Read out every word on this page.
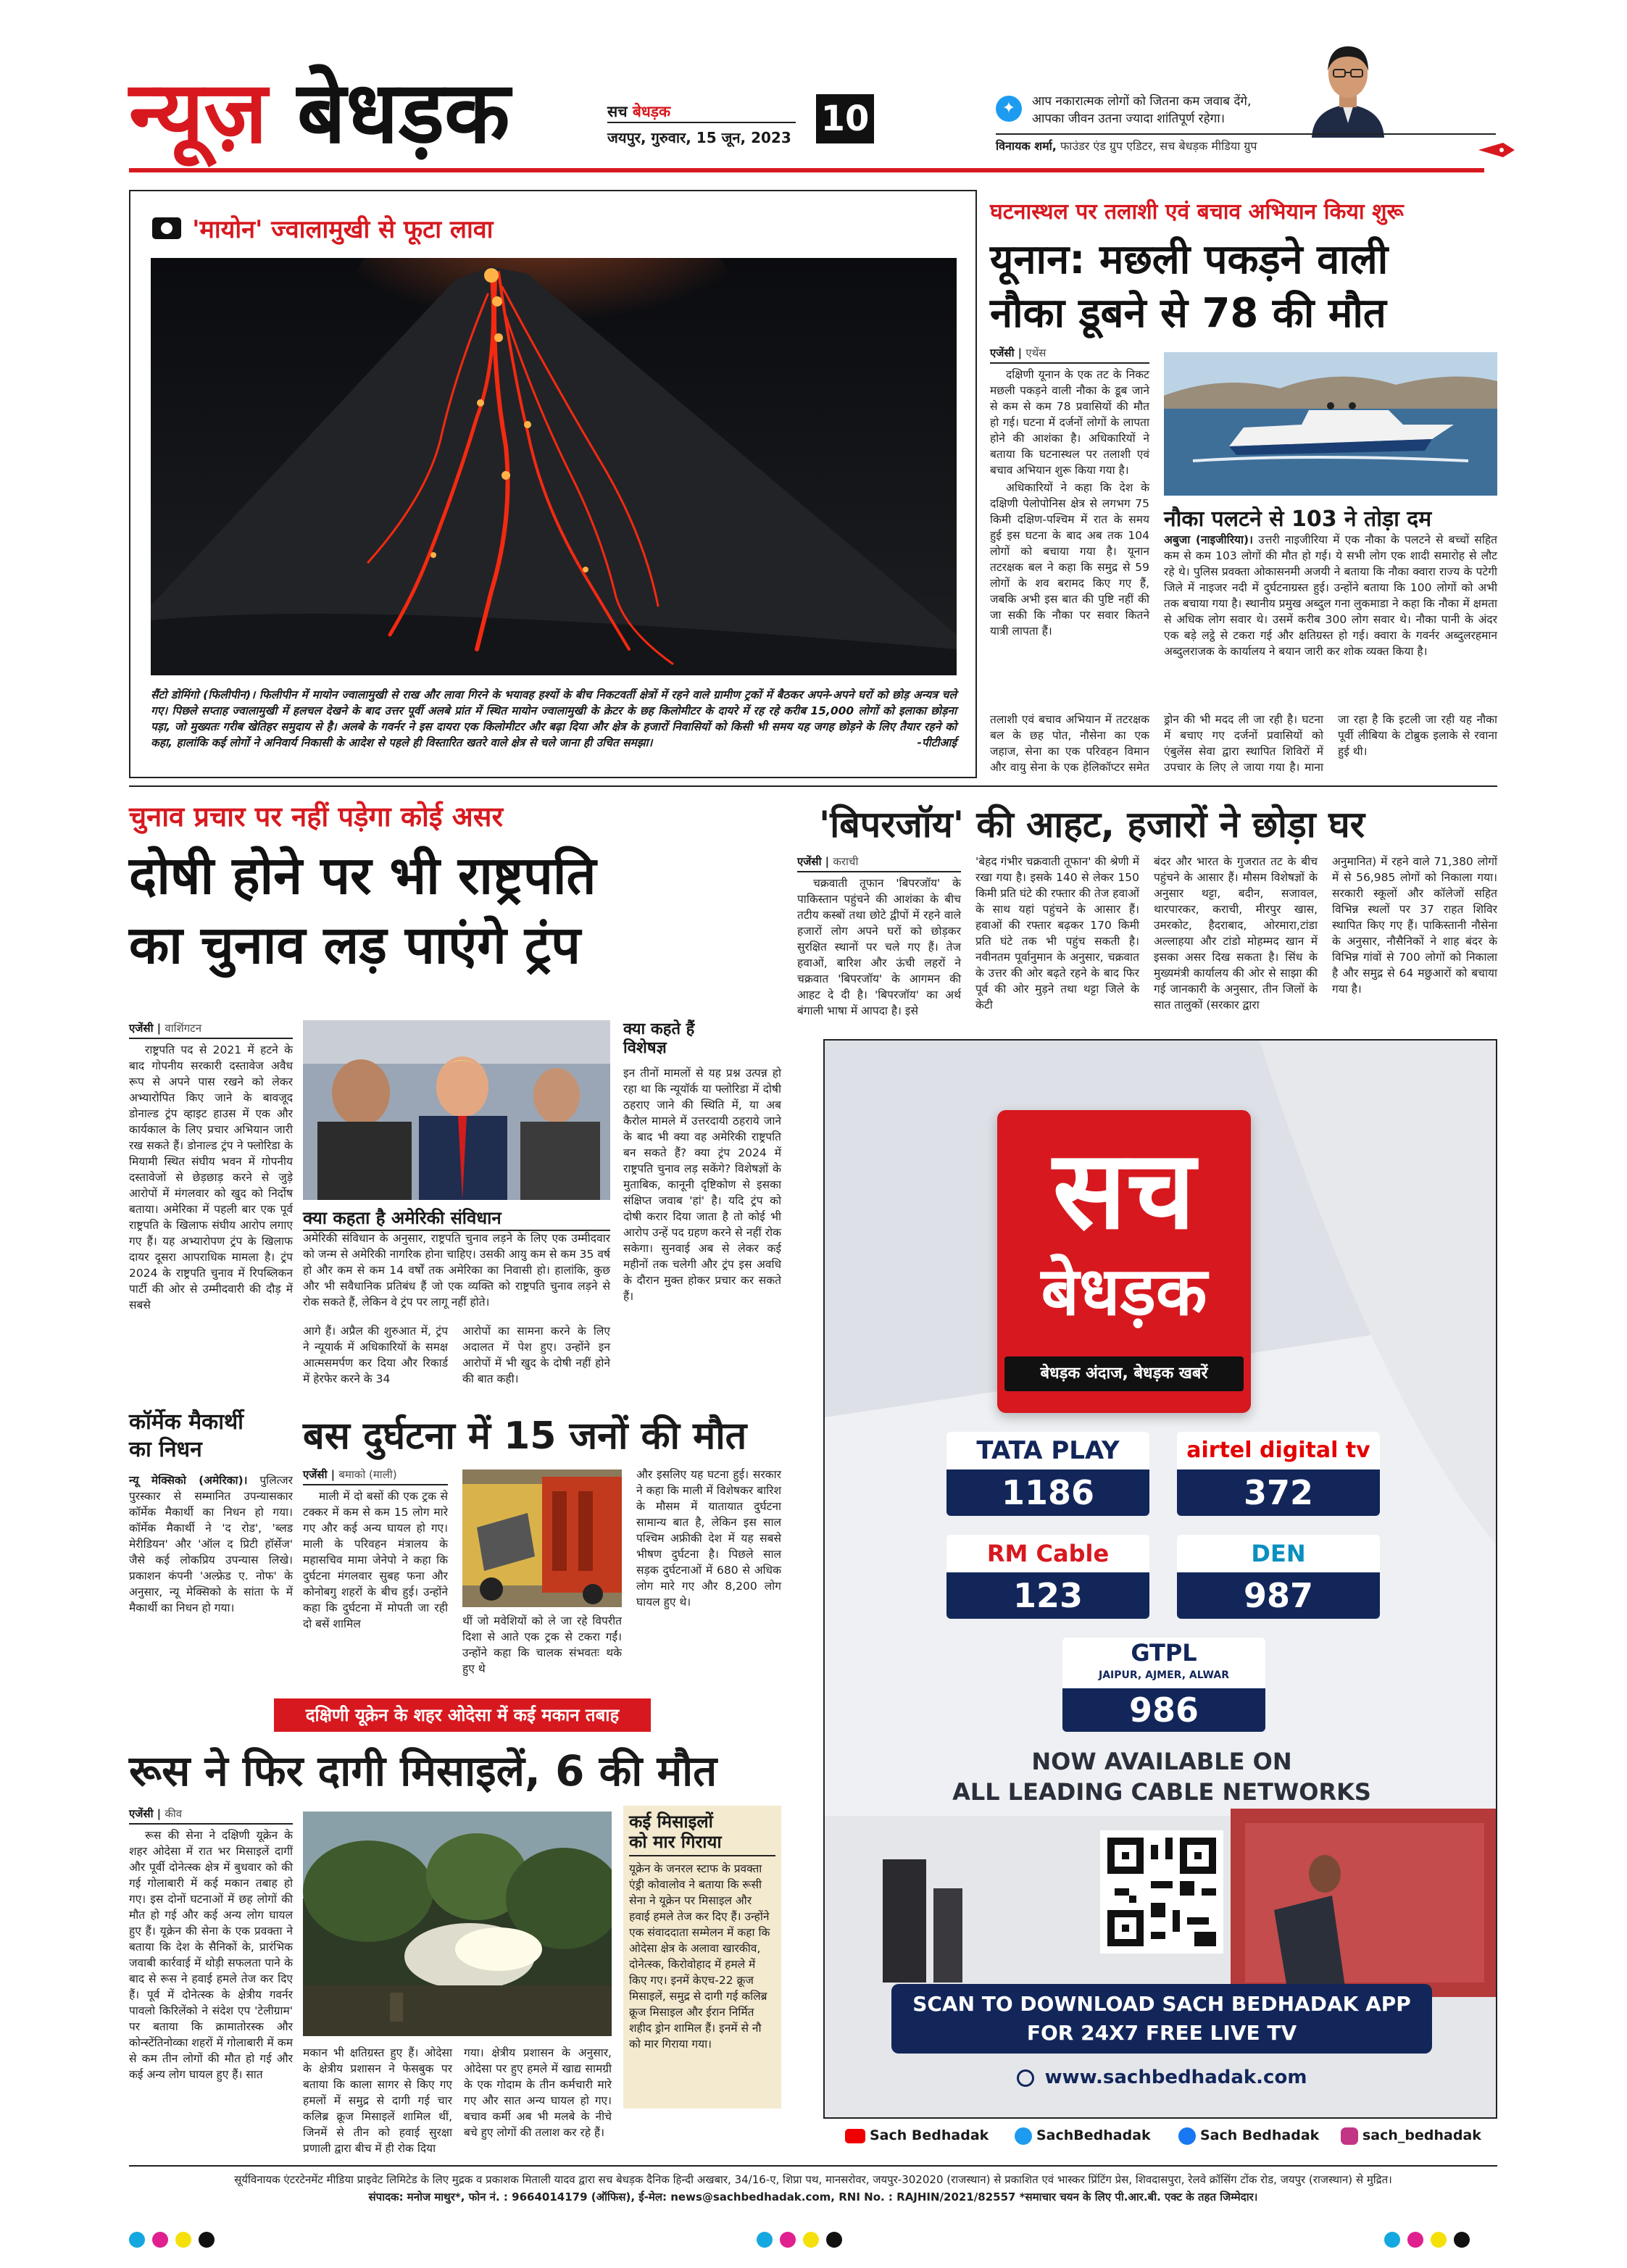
न्यूज़ बेधड़क	सच बेधड़क
जयपुर, गुरुवार, 15 जून, 2023 10	✦	आप नकारात्मक लोगों को जितना कम जवाब देंगे,
आपका जीवन उतना ज्यादा शांतिपूर्ण रहेगा।
विनायक शर्मा, फाउंडर एंड ग्रुप एडिटर, सच बेधड़क मीडिया ग्रुप
'मायोन' ज्वालामुखी से फूटा लावा
सैंटो डोमिंगो (फिलीपीन)। फिलीपीन में मायोन ज्वालामुखी से राख और लावा गिरने के भयावह हश्यों के बीच निकटवर्ती क्षेत्रों में रहने वाले ग्रामीण ट्रकों में बैठकर अपने-अपने घरों को छोड़ अन्यत्र चले गए। पिछले सप्ताह ज्वालामुखी में हलचल देखने के बाद उत्तर पूर्वी अलबे प्रांत में स्थित मायोन ज्वालामुखी के क्रेटर के छह किलोमीटर के दायरे में रह रहे करीब 15,000 लोगों को इलाका छोड़ना पड़ा, जो मुख्यतः गरीब खेतिहर समुदाय से है। अलबे के गवर्नर ने इस दायरा एक किलोमीटर और बढ़ा दिया और क्षेत्र के हजारों निवासियों को किसी भी समय यह जगह छोड़ने के लिए तैयार रहने को कहा, हालांकि कई लोगों ने अनिवार्य निकासी के आदेश से पहले ही विस्तारित खतरे वाले क्षेत्र से चले जाना ही उचित समझा।	-पीटीआई
घटनास्थल पर तलाशी एवं बचाव अभियान किया शुरू
यूनान: मछली पकड़ने वाली
नौका डूबने से 78 की मौत
एजेंसी | एथेंस

दक्षिणी यूनान के एक तट के निकट मछली पकड़ने वाली नौका के डूब जाने से कम से कम 78 प्रवासियों की मौत हो गई। घटना में दर्जनों लोगों के लापता होने की आशंका है। अधिकारियों ने बताया कि घटनास्थल पर तलाशी एवं बचाव अभियान शुरू किया गया है।

अधिकारियों ने कहा कि देश के दक्षिणी पेलोपोनिस क्षेत्र से लगभग 75 किमी दक्षिण-पश्चिम में रात के समय हुई इस घटना के बाद अब तक 104 लोगों को बचाया गया है। यूनान तटरक्षक बल ने कहा कि समुद्र से 59 लोगों के शव बरामद किए गए हैं, जबकि अभी इस बात की पुष्टि नहीं की जा सकी कि नौका पर सवार कितने यात्री लापता हैं।

नौका पलटने से 103 ने तोड़ा दम

अबुजा (नाइजीरिया)। उत्तरी नाइजीरिया में एक नौका के पलटने से बच्चों सहित कम से कम 103 लोगों की मौत हो गई। ये सभी लोग एक शादी समारोह से लौट रहे थे। पुलिस प्रवक्ता ओकासनमी अजयी ने बताया कि नौका क्वारा राज्य के पटेगी जिले में नाइजर नदी में दुर्घटनाग्रस्त हुई। उन्होंने बताया कि 100 लोगों को अभी तक बचाया गया है। स्थानीय प्रमुख अब्दुल गना लुकमाडा ने कहा कि नौका में क्षमता से अधिक लोग सवार थे। उसमें करीब 300 लोग सवार थे। नौका पानी के अंदर एक बड़े लट्ठे से टकरा गई और क्षतिग्रस्त हो गई। क्वारा के गवर्नर अब्दुलरहमान अब्दुलराजक के कार्यालय ने बयान जारी कर शोक व्यक्त किया है।

तलाशी एवं बचाव अभियान में तटरक्षक बल के छह पोत, नौसेना का एक जहाज, सेना का एक परिवहन विमान और वायु सेना के एक हेलिकॉप्टर समेत ड्रोन की भी मदद ली जा रही है। घटना में बचाए गए दर्जनों प्रवासियों को एंबुलेंस सेवा द्वारा स्थापित शिविरों में उपचार के लिए ले जाया गया है। माना जा रहा है कि इटली जा रही यह नौका पूर्वी लीबिया के टोब्रुक इलाके से रवाना हुई थी।

चुनाव प्रचार पर नहीं पड़ेगा कोई असर
दोषी होने पर भी राष्ट्रपति
का चुनाव लड़ पाएंगे ट्रंप
एजेंसी | वाशिंगटन

राष्ट्रपति पद से 2021 में हटने के बाद गोपनीय सरकारी दस्तावेज अवैध रूप से अपने पास रखने को लेकर अभ्यारोपित किए जाने के बावजूद डोनाल्ड ट्रंप व्हाइट हाउस में एक और कार्यकाल के लिए प्रचार अभियान जारी रख सकते हैं। डोनाल्ड ट्रंप ने फ्लोरिडा के मियामी स्थित संघीय भवन में गोपनीय दस्तावेजों से छेड़छाड़ करने से जुड़े आरोपों में मंगलवार को खुद को निर्दोष बताया। अमेरिका में पहली बार एक पूर्व राष्ट्रपति के खिलाफ संघीय आरोप लगाए गए हैं। यह अभ्यारोपण ट्रंप के खिलाफ दायर दूसरा आपराधिक मामला है। ट्रंप 2024 के राष्ट्रपति चुनाव में रिपब्लिकन पार्टी की ओर से उम्मीदवारी की दौड़ में सबसे

क्या कहता है अमेरिकी संविधान
अमेरिकी संविधान के अनुसार, राष्ट्रपति चुनाव लड़ने के लिए एक उम्मीदवार को जन्म से अमेरिकी नागरिक होना चाहिए। उसकी आयु कम से कम 35 वर्ष हो और कम से कम 14 वर्षों तक अमेरिका का निवासी हो। हालांकि, कुछ और भी सवैधानिक प्रतिबंध हैं जो एक व्यक्ति को राष्ट्रपति चुनाव लड़ने से रोक सकते हैं, लेकिन वे ट्रंप पर लागू नहीं होते।
आगे हैं। अप्रैल की शुरुआत में, ट्रंप ने न्यूयार्क में अधिकारियों के समक्ष आत्मसमर्पण कर दिया और रिकार्ड में हेरफेर करने के 34
आरोपों का सामना करने के लिए अदालत में पेश हुए। उन्होंने इन आरोपों में भी खुद के दोषी नहीं होने की बात कही।
क्या कहते हैं
विशेषज्ञ
इन तीनों मामलों से यह प्रश्न उत्पन्न हो रहा था कि न्यूयॉर्क या फ्लोरिडा में दोषी ठहराए जाने की स्थिति में, या अब कैरोल मामले में उत्तरदायी ठहराये जाने के बाद भी क्या वह अमेरिकी राष्ट्रपति बन सकते हैं? क्या ट्रंप 2024 में राष्ट्रपति चुनाव लड़ सकेंगे? विशेषज्ञों के मुताबिक, कानूनी दृष्टिकोण से इसका संक्षिप्त जवाब 'हां' है। यदि ट्रंप को दोषी करार दिया जाता है तो कोई भी आरोप उन्हें पद ग्रहण करने से नहीं रोक सकेगा। सुनवाई अब से लेकर कई महीनों तक चलेगी और ट्रंप इस अवधि के दौरान मुक्त होकर प्रचार कर सकते हैं।
'बिपरजॉय' की आहट, हजारों ने छोड़ा घर
एजेंसी | कराची

चक्रवाती तूफान 'बिपरजॉय' के पाकिस्तान पहुंचने की आशंका के बीच तटीय कस्बों तथा छोटे द्वीपों में रहने वाले हजारों लोग अपने घरों को छोड़कर सुरक्षित स्थानों पर चले गए हैं। तेज हवाओं, बारिश और ऊंची लहरों ने चक्रवात 'बिपरजॉय' के आगमन की आहट दे दी है। 'बिपरजॉय' का अर्थ बंगाली भाषा में आपदा है। इसे

'बेहद गंभीर चक्रवाती तूफान' की श्रेणी में रखा गया है। इसके 140 से लेकर 150 किमी प्रति घंटे की रफ्तार की तेज हवाओं के साथ यहां पहुंचने के आसार हैं। हवाओं की रफ्तार बढ़कर 170 किमी प्रति घंटे तक भी पहुंच सकती है। नवीनतम पूर्वानुमान के अनुसार, चक्रवात के उत्तर की ओर बढ़ते रहने के बाद फिर पूर्व की ओर मुड़ने तथा थट्टा जिले के केटी
बंदर और भारत के गुजरात तट के बीच पहुंचने के आसार हैं। मौसम विशेषज्ञों के अनुसार थट्टा, बदीन, सजावल, थारपारकर, कराची, मीरपुर खास, उमरकोट, हैदराबाद, ओरमारा,टांडा अल्लाहया और टांडो मोहम्मद खान में इसका असर दिख सकता है। सिंध के मुख्यमंत्री कार्यालय की ओर से साझा की गई जानकारी के अनुसार, तीन जिलों के सात तालुकों (सरकार द्वारा
अनुमानित) में रहने वाले 71,380 लोगों में से 56,985 लोगों को निकाला गया। सरकारी स्कूलों और कॉलेजों सहित विभिन्न स्थलों पर 37 राहत शिविर स्थापित किए गए हैं। पाकिस्तानी नौसेना के अनुसार, नौसैनिकों ने शाह बंदर के विभिन्न गांवों से 700 लोगों को निकाला है और समुद्र से 64 मछुआरों को बचाया गया है।
कॉर्मेक मैकार्थी
का निधन

न्यू मेक्सिको (अमेरिका)। पुलित्जर पुरस्कार से सम्मानित उपन्यासकार कॉर्मेक मैकार्थी का निधन हो गया। कॉर्मेक मैकार्थी ने 'द रोड', 'ब्लड मेरीडियन' और 'ऑल द प्रिटी हॉर्सेज' जैसे कई लोकप्रिय उपन्यास लिखे। प्रकाशन कंपनी 'अल्फ्रेड ए. नोफ' के अनुसार, न्यू मेक्सिको के सांता फे में मैकार्थी का निधन हो गया।

बस दुर्घटना में 15 जनों की मौत
एजेंसी | बमाको (माली)

माली में दो बसों की एक ट्रक से टक्कर में कम से कम 15 लोग मारे गए और कई अन्य घायल हो गए। माली के परिवहन मंत्रालय के महासचिव मामा जेनेपो ने कहा कि दुर्घटना मंगलवार सुबह फना और कोनोबगु शहरों के बीच हुई। उन्होंने कहा कि दुर्घटना में मोपती जा रही दो बसें शामिल	थीं जो मवेशियों को ले जा रहे विपरीत दिशा से आते एक ट्रक से टकरा गईं। उन्होंने कहा कि चालक संभवतः थके हुए थे
और इसलिए यह घटना हुई। सरकार ने कहा कि माली में विशेषकर बारिश के मौसम में यातायात दुर्घटना सामान्य बात है, लेकिन इस साल पश्चिम अफ्रीकी देश में यह सबसे भीषण दुर्घटना है। पिछले साल सड़क दुर्घटनाओं में 680 से अधिक लोग मारे गए और 8,200 लोग घायल हुए थे।
दक्षिणी यूक्रेन के शहर ओदेसा में कई मकान तबाह
रूस ने फिर दागी मिसाइलें, 6 की मौत
एजेंसी | कीव

रूस की सेना ने दक्षिणी यूक्रेन के शहर ओदेसा में रात भर मिसाइलें दागीं और पूर्वी दोनेत्स्क क्षेत्र में बुधवार को की गई गोलाबारी में कई मकान तबाह हो गए। इस दोनों घटनाओं में छह लोगों की मौत हो गई और कई अन्य लोग घायल हुए हैं। यूक्रेन की सेना के एक प्रवक्ता ने बताया कि देश के सैनिकों के, प्रारंभिक जवाबी कार्रवाई में थोड़ी सफलता पाने के बाद से रूस ने हवाई हमले तेज कर दिए हैं। पूर्व में दोनेत्स्क के क्षेत्रीय गवर्नर पावलो किरिलेंको ने संदेश एप 'टेलीग्राम' पर बताया कि क्रामातोरस्क और कोन्स्टेंतिनोव्का शहरों में गोलाबारी में कम से कम तीन लोगों की मौत हो गई और कई अन्य लोग घायल हुए हैं। सात

मकान भी क्षतिग्रस्त हुए हैं। ओदेसा के क्षेत्रीय प्रशासन ने फेसबुक पर बताया कि काला सागर से किए गए हमलों में समुद्र से दागी गई चार कलिब्र क्रूज मिसाइलें शामिल थीं, जिनमें से तीन को हवाई सुरक्षा प्रणाली द्वारा बीच में ही रोक दिया
गया। क्षेत्रीय प्रशासन के अनुसार, ओदेसा पर हुए हमले में खाद्य सामग्री के एक गोदाम के तीन कर्मचारी मारे गए और सात अन्य घायल हो गए। बचाव कर्मी अब भी मलबे के नीचे बचे हुए लोगों की तलाश कर रहे हैं।
कई मिसाइलों
को मार गिराया
यूक्रेन के जनरल स्टाफ के प्रवक्ता एंड्री कोवालोव ने बताया कि रूसी सेना ने यूक्रेन पर मिसाइल और हवाई हमले तेज कर दिए हैं। उन्होंने एक संवाददाता सम्मेलन में कहा कि ओदेसा क्षेत्र के अलावा खारकीव, दोनेत्स्क, किरोवोहाद में हमले में किए गए। इनमें केएच-22 क्रूज मिसाइलें, समुद्र से दागी गई कलिब्र क्रूज मिसाइल और ईरान निर्मित शहीद ड्रोन शामिल हैं। इनमें से नौ को मार गिराया गया।
सच
बेधड़क
बेधड़क अंदाज, बेधड़क खबरें
TATA PLAY
1186
airtel digital tv
372
RM Cable
123
DEN
987
GTPL
JAIPUR, AJMER, ALWAR
986
NOW AVAILABLE ON
ALL LEADING CABLE NETWORKS
SCAN TO DOWNLOAD SACH BEDHADAK APP
FOR 24X7 FREE LIVE TV
www.sachbedhadak.com
Sach Bedhadak	SachBedhadak	Sach Bedhadak	sach_bedhadak
सूर्यविनायक एंटरटेनमेंट मीडिया प्राइवेट लिमिटेड के लिए मुद्रक व प्रकाशक मिताली यादव द्वारा सच बेधड़क दैनिक हिन्दी अखबार, 34/16-ए, शिप्रा पथ, मानसरोवर, जयपुर-302020 (राजस्थान) से प्रकाशित एवं भास्कर प्रिंटिंग प्रेस, शिवदासपुरा, रेलवे क्रॉसिंग टोंक रोड, जयपुर (राजस्थान) से मुद्रित।
संपादक: मनोज माथुर*, फोन नं. : 9664014179 (ऑफिस), ई-मेल: news@sachbedhadak.com, RNI No. : RAJHIN/2021/82557 *समाचार चयन के लिए पी.आर.बी. एक्ट के तहत जिम्मेदार।
